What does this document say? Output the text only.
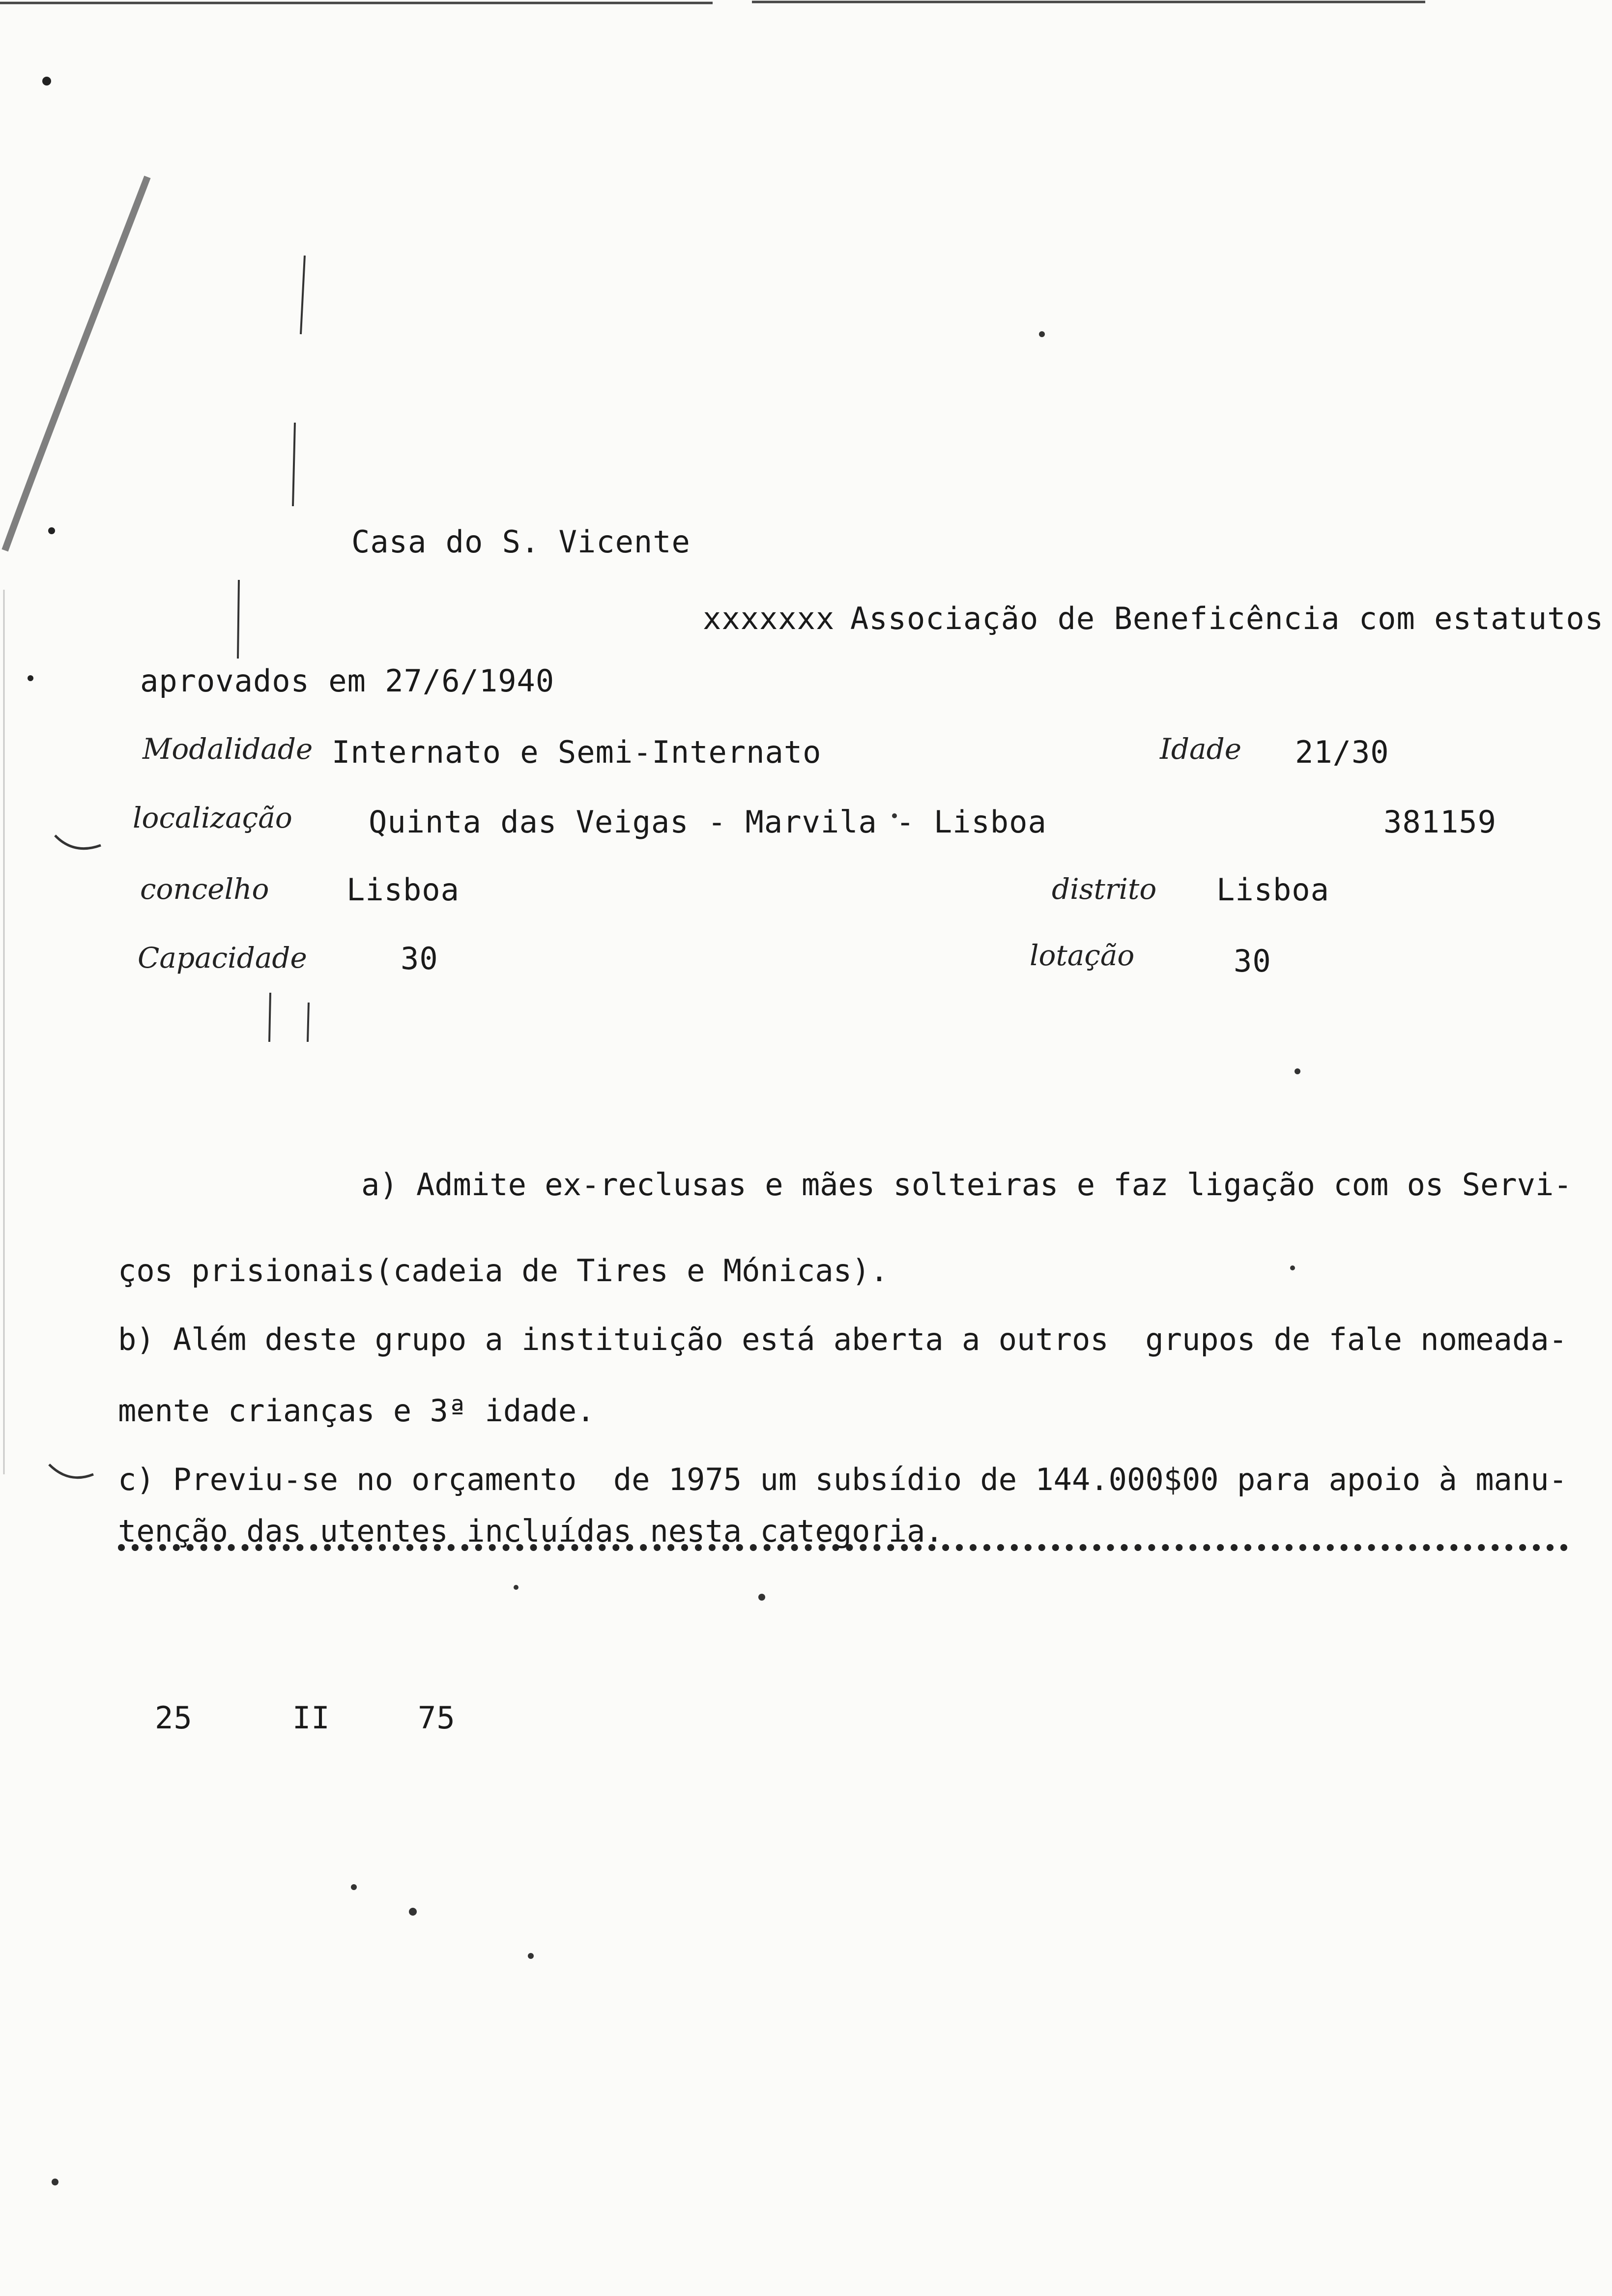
Casa do S. Vicente
xxxxxxx Associação de Beneficência com estatutos
aprovados em 27/6/1940
Modalidade Internato e Semi-Internato	Idade 21/30
localização	Quinta das Veigas - Marvila - Lisboa	381159
concelho	Lisboa	distrito Lisboa
Capacidade	30	lotação	30
a) Admite ex-reclusas e mães solteiras e faz ligação com os Servi-
ços prisionais(cadeia de Tires e Mónicas).
b) Além deste grupo a instituição está aberta a outros  grupos de fale nomeada-
mente crianças e 3ª idade.
c) Previu-se no orçamento  de 1975 um subsídio de 144.000$00 para apoio à manu-
tenção das utentes incluídas nesta categoria.
25	II	75
